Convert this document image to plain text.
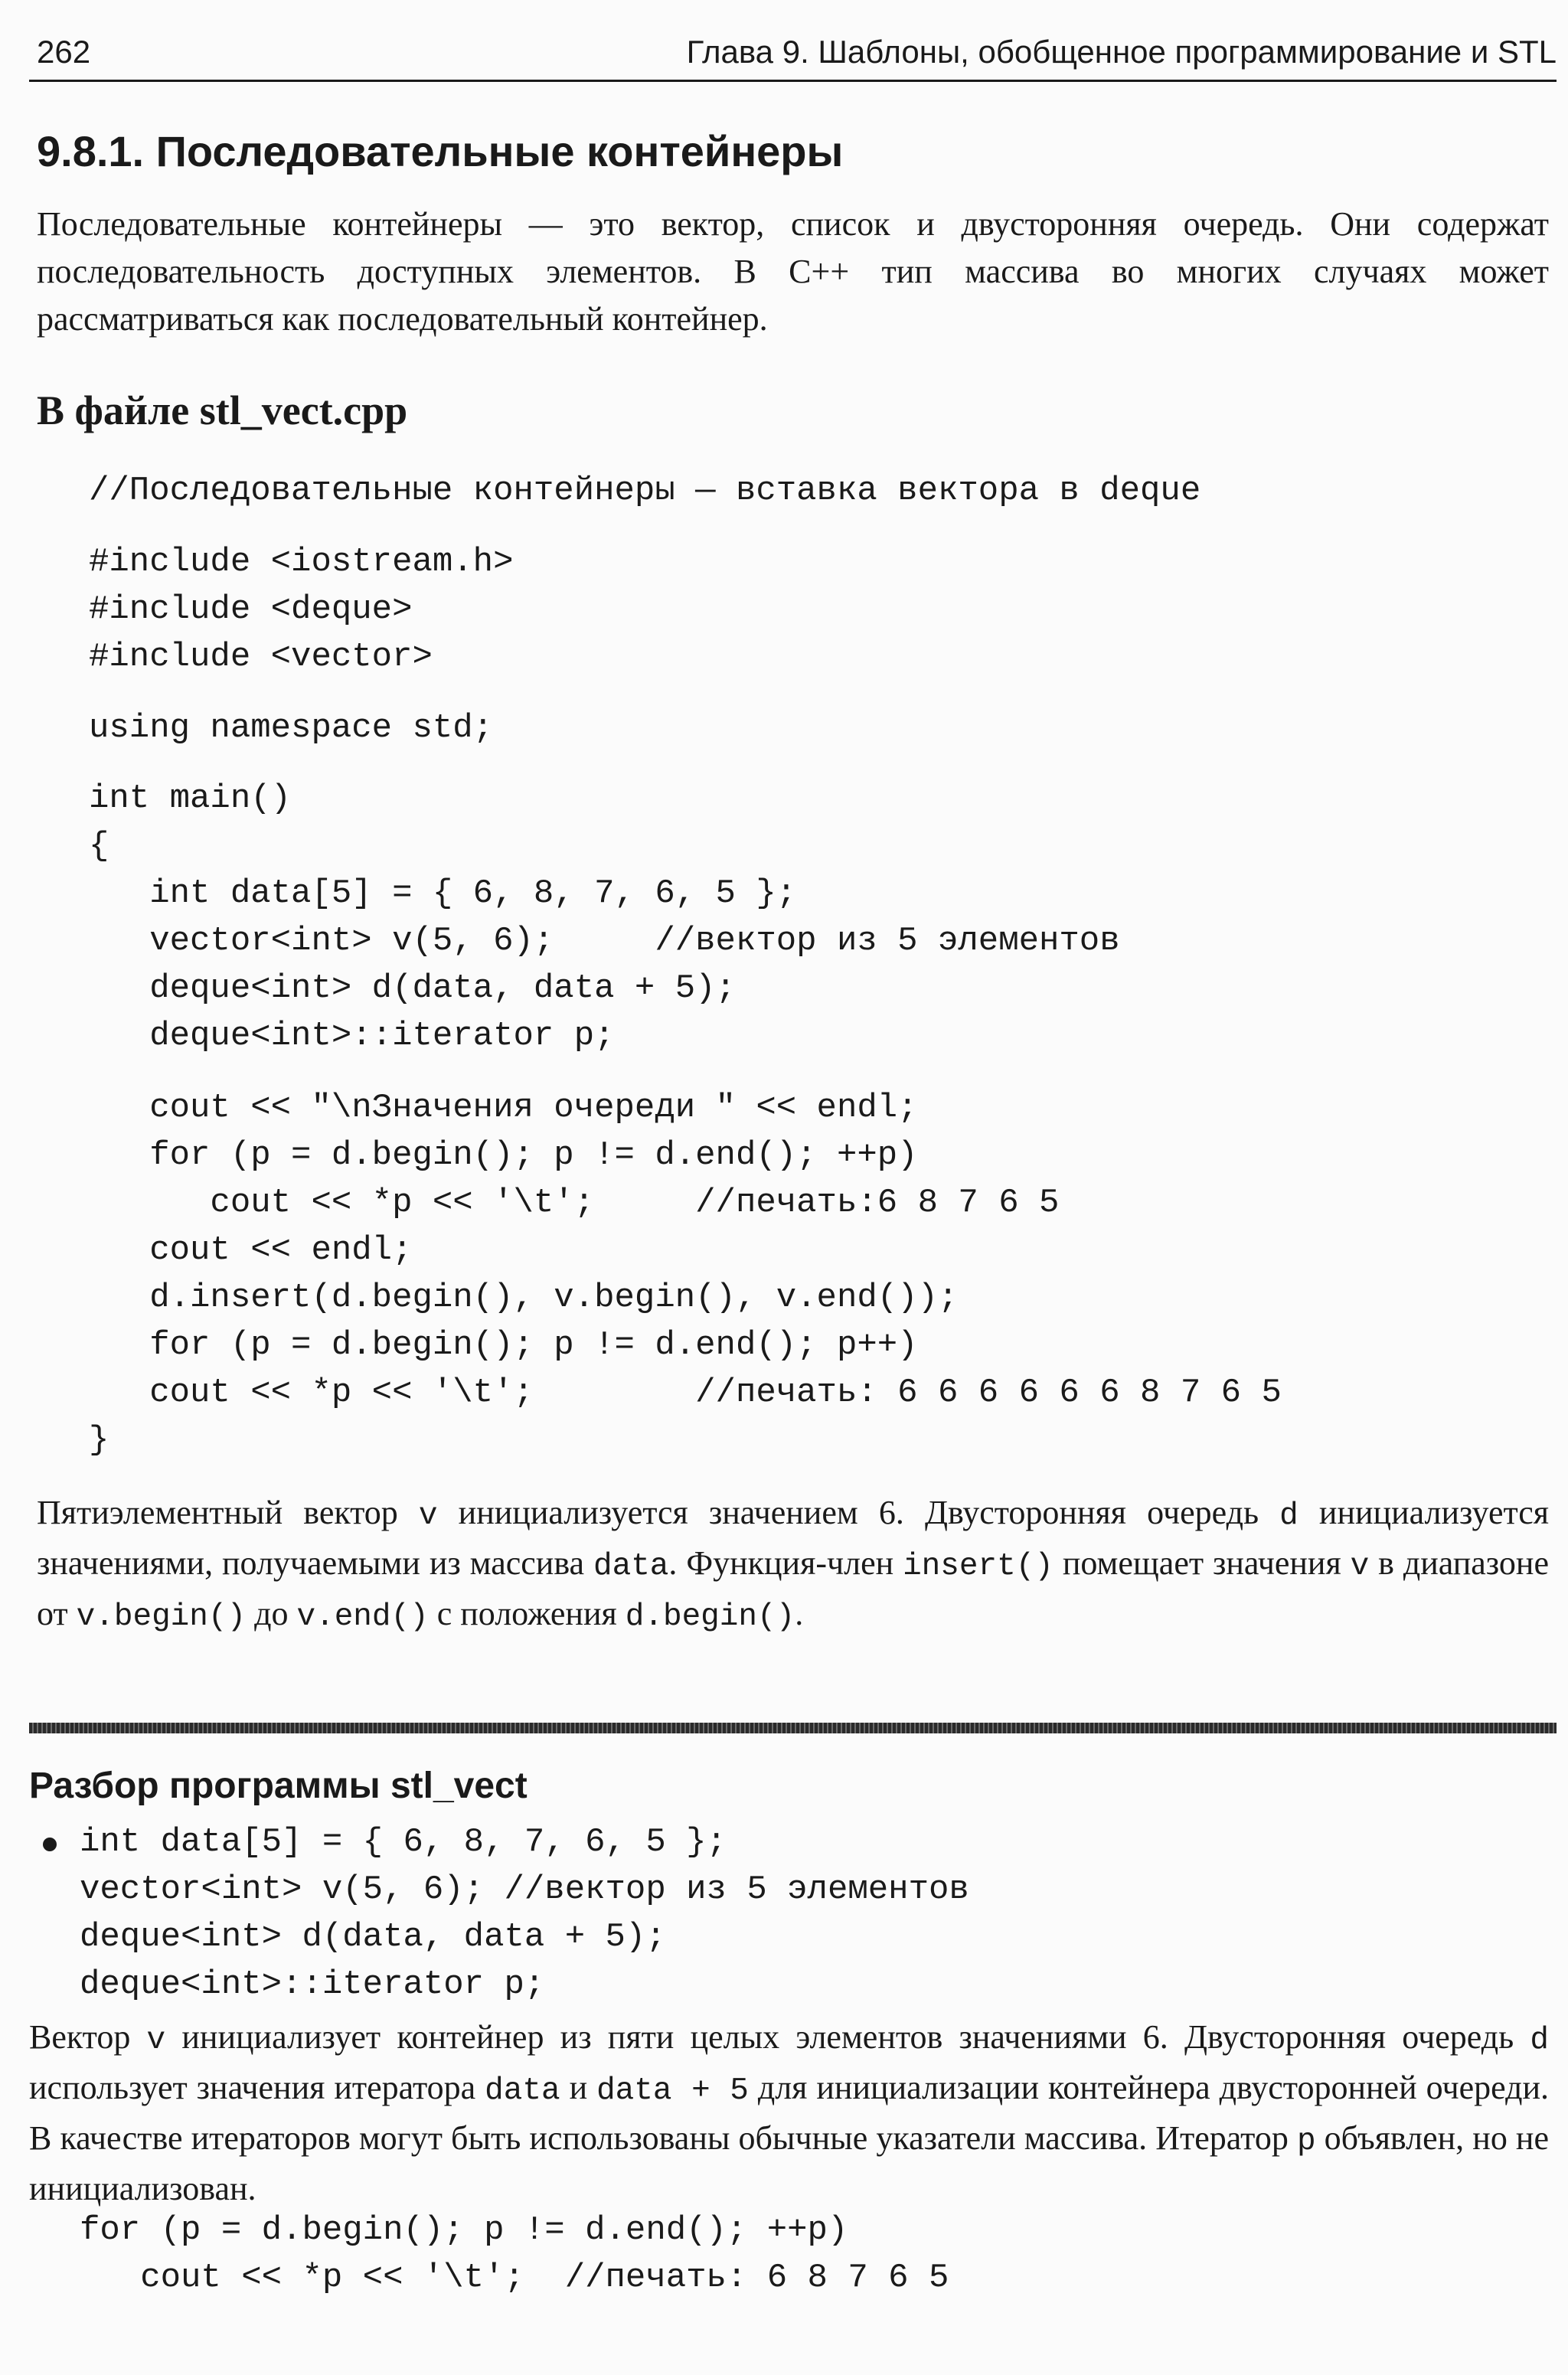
262	Глава 9. Шаблоны, обобщенное программирование и STL
9.8.1. Последовательные контейнеры

Последовательные контейнеры — это вектор, список и двусторонняя очередь. Они содержат последовательность доступных элементов. В C++ тип массива во многих случаях может рассматриваться как последовательный контейнер.

В файле stl_vect.cpp
//Последовательные контейнеры — вставка вектора в deque
#include <iostream.h>
#include <deque>
#include <vector>
using namespace std;
int main()
{
int data[5] = { 6, 8, 7, 6, 5 };
vector<int> v(5, 6);     //вектор из 5 элементов
deque<int> d(data, data + 5);
deque<int>::iterator p;
cout << "\nЗначения очереди " << endl;
for (p = d.begin(); p != d.end(); ++p)
cout << *p << '\t';     //печать:6 8 7 6 5
cout << endl;
d.insert(d.begin(), v.begin(), v.end());
for (p = d.begin(); p != d.end(); p++)
cout << *p << '\t';        //печать: 6 6 6 6 6 6 8 7 6 5
}

Пятиэлементный вектор v инициализуется значением 6. Двусторонняя очередь d инициализуется значениями, получаемыми из массива data. Функция-член insert() помещает значения v в диапазоне от v.begin() до v.end() с положения d.begin().

Разбор программы stl_vect
int data[5] = { 6, 8, 7, 6, 5 };
vector<int> v(5, 6); //вектор из 5 элементов
deque<int> d(data, data + 5);
deque<int>::iterator p;

Вектор v инициализует контейнер из пяти целых элементов значениями 6. Двусторонняя очередь d использует значения итератора data и data + 5 для инициализации контейнера двусторонней очереди. В качестве итераторов могут быть использованы обычные указатели массива. Итератор p объявлен, но не инициализован.

for (p = d.begin(); p != d.end(); ++p)
cout << *p << '\t';  //печать: 6 8 7 6 5
